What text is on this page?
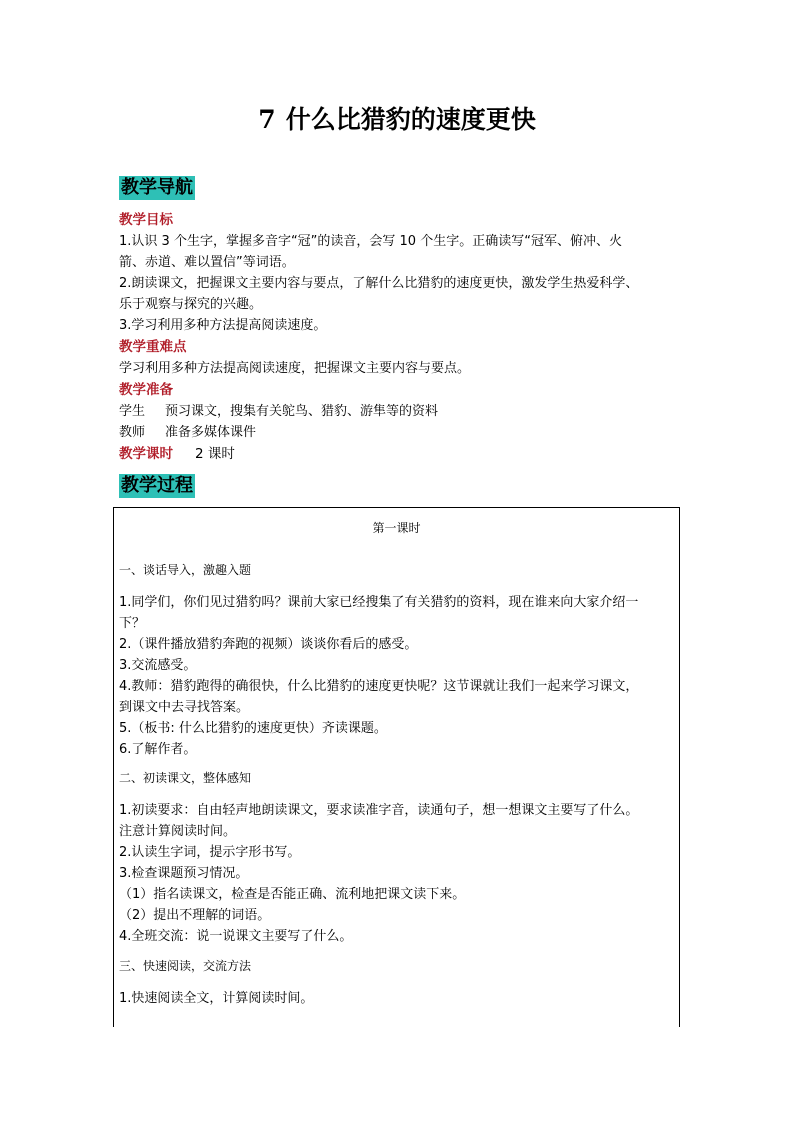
7 什么比猎豹的速度更快
教学导航
教学目标
1.认识 3 个生字，掌握多音字“冠”的读音，会写 10 个生字。正确读写“冠军、俯冲、火
箭、赤道、难以置信”等词语。
2.朗读课文，把握课文主要内容与要点，了解什么比猎豹的速度更快，激发学生热爱科学、
乐于观察与探究的兴趣。
3.学习利用多种方法提高阅读速度。
教学重难点
学习利用多种方法提高阅读速度，把握课文主要内容与要点。
教学准备
学生 预习课文，搜集有关鸵鸟、猎豹、游隼等的资料
教师 准备多媒体课件
教学课时 2 课时
教学过程
第一课时
一、谈话导入，激趣入题
1.同学们，你们见过猎豹吗？课前大家已经搜集了有关猎豹的资料，现在谁来向大家介绍一
下？
2.（课件播放猎豹奔跑的视频）谈谈你看后的感受。
3.交流感受。
4.教师：猎豹跑得的确很快，什么比猎豹的速度更快呢？这节课就让我们一起来学习课文，
到课文中去寻找答案。
5.（板书: 什么比猎豹的速度更快）齐读课题。
6.了解作者。
二、初读课文，整体感知
1.初读要求：自由轻声地朗读课文，要求读准字音，读通句子，想一想课文主要写了什么。
注意计算阅读时间。
2.认读生字词，提示字形书写。
3.检查课题预习情况。
（1）指名读课文，检查是否能正确、流利地把课文读下来。
（2）提出不理解的词语。
4.全班交流：说一说课文主要写了什么。
三、快速阅读，交流方法
1.快速阅读全文，计算阅读时间。
